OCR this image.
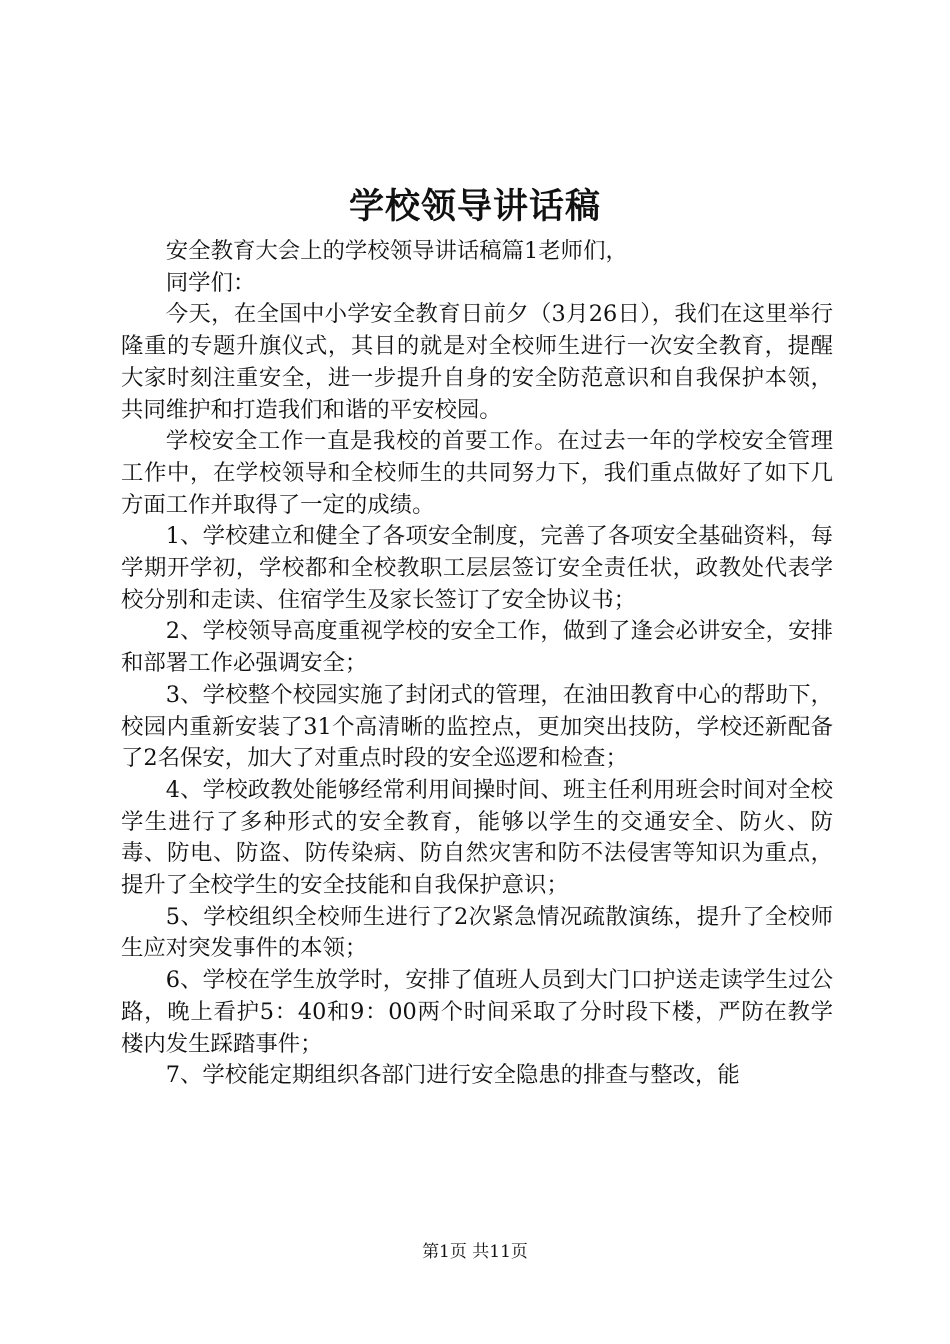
学校领导讲话稿

安全教育大会上的学校领导讲话稿篇1老师们，

同学们：

今天，在全国中小学安全教育日前夕（3月26日），我们在这里举行隆重的专题升旗仪式，其目的就是对全校师生进行一次安全教育，提醒大家时刻注重安全，进一步提升自身的安全防范意识和自我保护本领，共同维护和打造我们和谐的平安校园。

学校安全工作一直是我校的首要工作。在过去一年的学校安全管理工作中，在学校领导和全校师生的共同努力下，我们重点做好了如下几方面工作并取得了一定的成绩。

1、学校建立和健全了各项安全制度，完善了各项安全基础资料，每学期开学初，学校都和全校教职工层层签订安全责任状，政教处代表学校分别和走读、住宿学生及家长签订了安全协议书；

2、学校领导高度重视学校的安全工作，做到了逢会必讲安全，安排和部署工作必强调安全；

3、学校整个校园实施了封闭式的管理，在油田教育中心的帮助下，校园内重新安装了31个高清晰的监控点，更加突出技防，学校还新配备了2名保安，加大了对重点时段的安全巡逻和检查；

4、学校政教处能够经常利用间操时间、班主任利用班会时间对全校学生进行了多种形式的安全教育，能够以学生的交通安全、防火、防毒、防电、防盗、防传染病、防自然灾害和防不法侵害等知识为重点，提升了全校学生的安全技能和自我保护意识；

5、学校组织全校师生进行了2次紧急情况疏散演练，提升了全校师生应对突发事件的本领；

6、学校在学生放学时，安排了值班人员到大门口护送走读学生过公路，晚上看护5：40和9：00两个时间采取了分时段下楼，严防在教学楼内发生踩踏事件；

7、学校能定期组织各部门进行安全隐患的排查与整改，能

第1页 共11页
